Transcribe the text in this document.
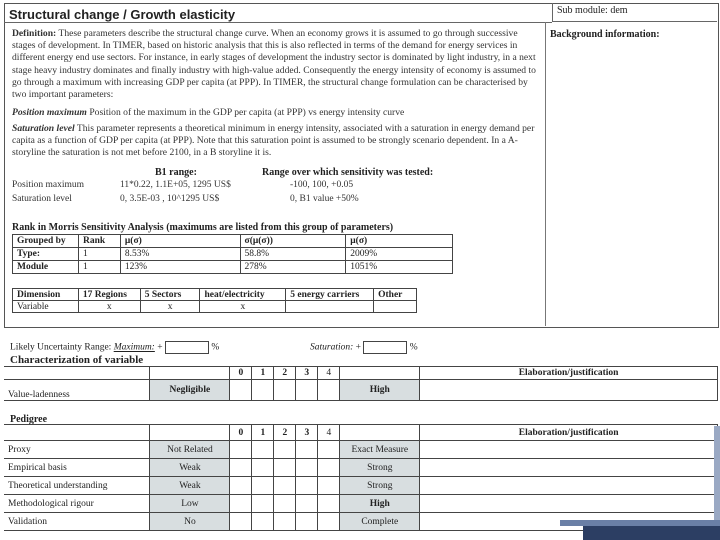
Structural change / Growth elasticity	Sub module: dem
Background information:
Definition: These parameters describe the structural change curve. When an economy grows it is assumed to go through successive stages of development. In TIMER, based on historic analysis that this is also reflected in terms of the demand for energy services in different energy end use sectors. For instance, in early stages of development the industry sector is dominated by light industry, in a next stage heavy industry dominates and finally industry with high-value added. Consequently the energy intensity of economy is assumed to go through a maximum with increasing GDP per capita (at PPP). In TIMER, the structural change formulation can be characterised by two important parameters:
Position maximum Position of the maximum in the GDP per capita (at PPP) vs energy intensity curve
Saturation level This parameter represents a theoretical minimum in energy intensity, associated with a saturation in energy demand per capita as a function of GDP per capita (at PPP). Note that this saturation point is assumed to be strongly scenario dependent. In a A-storyline the saturation is not met before 2100, in a B storyline it is.
B1 range:	Range over which sensitivity was tested:
Position maximum	11*0.22, 1.1E+05, 1295 US$	-100, 100, +0.05
Saturation level	0, 3.5E-03 , 10^1295 US$	0, B1 value +50%
Rank in Morris Sensitivity Analysis (maximums are listed from this group of parameters)
Grouped by	Rank	μ(σ)	σ(μ(σ))	μ(σ)
Type:	1	8.53%	58.8%	2009%
Module	1	123%	278%	1051%
Dimension	17 Regions	5 Sectors	heat/electricity	5 energy carriers	Other
Variable	x	x	x		
Likely Uncertainty Range: Maximum: +	%	Saturation: +	%
Characterization of variable
		0	1	2	3	4		Elaboration/justification
Value-ladenness	Negligible						High	
Pedigree
		0	1	2	3	4		Elaboration/justification
Proxy	Not Related						Exact Measure	
Empirical basis	Weak						Strong	
Theoretical understanding	Weak						Strong	
Methodological rigour	Low						High	
Validation	No						Complete	
